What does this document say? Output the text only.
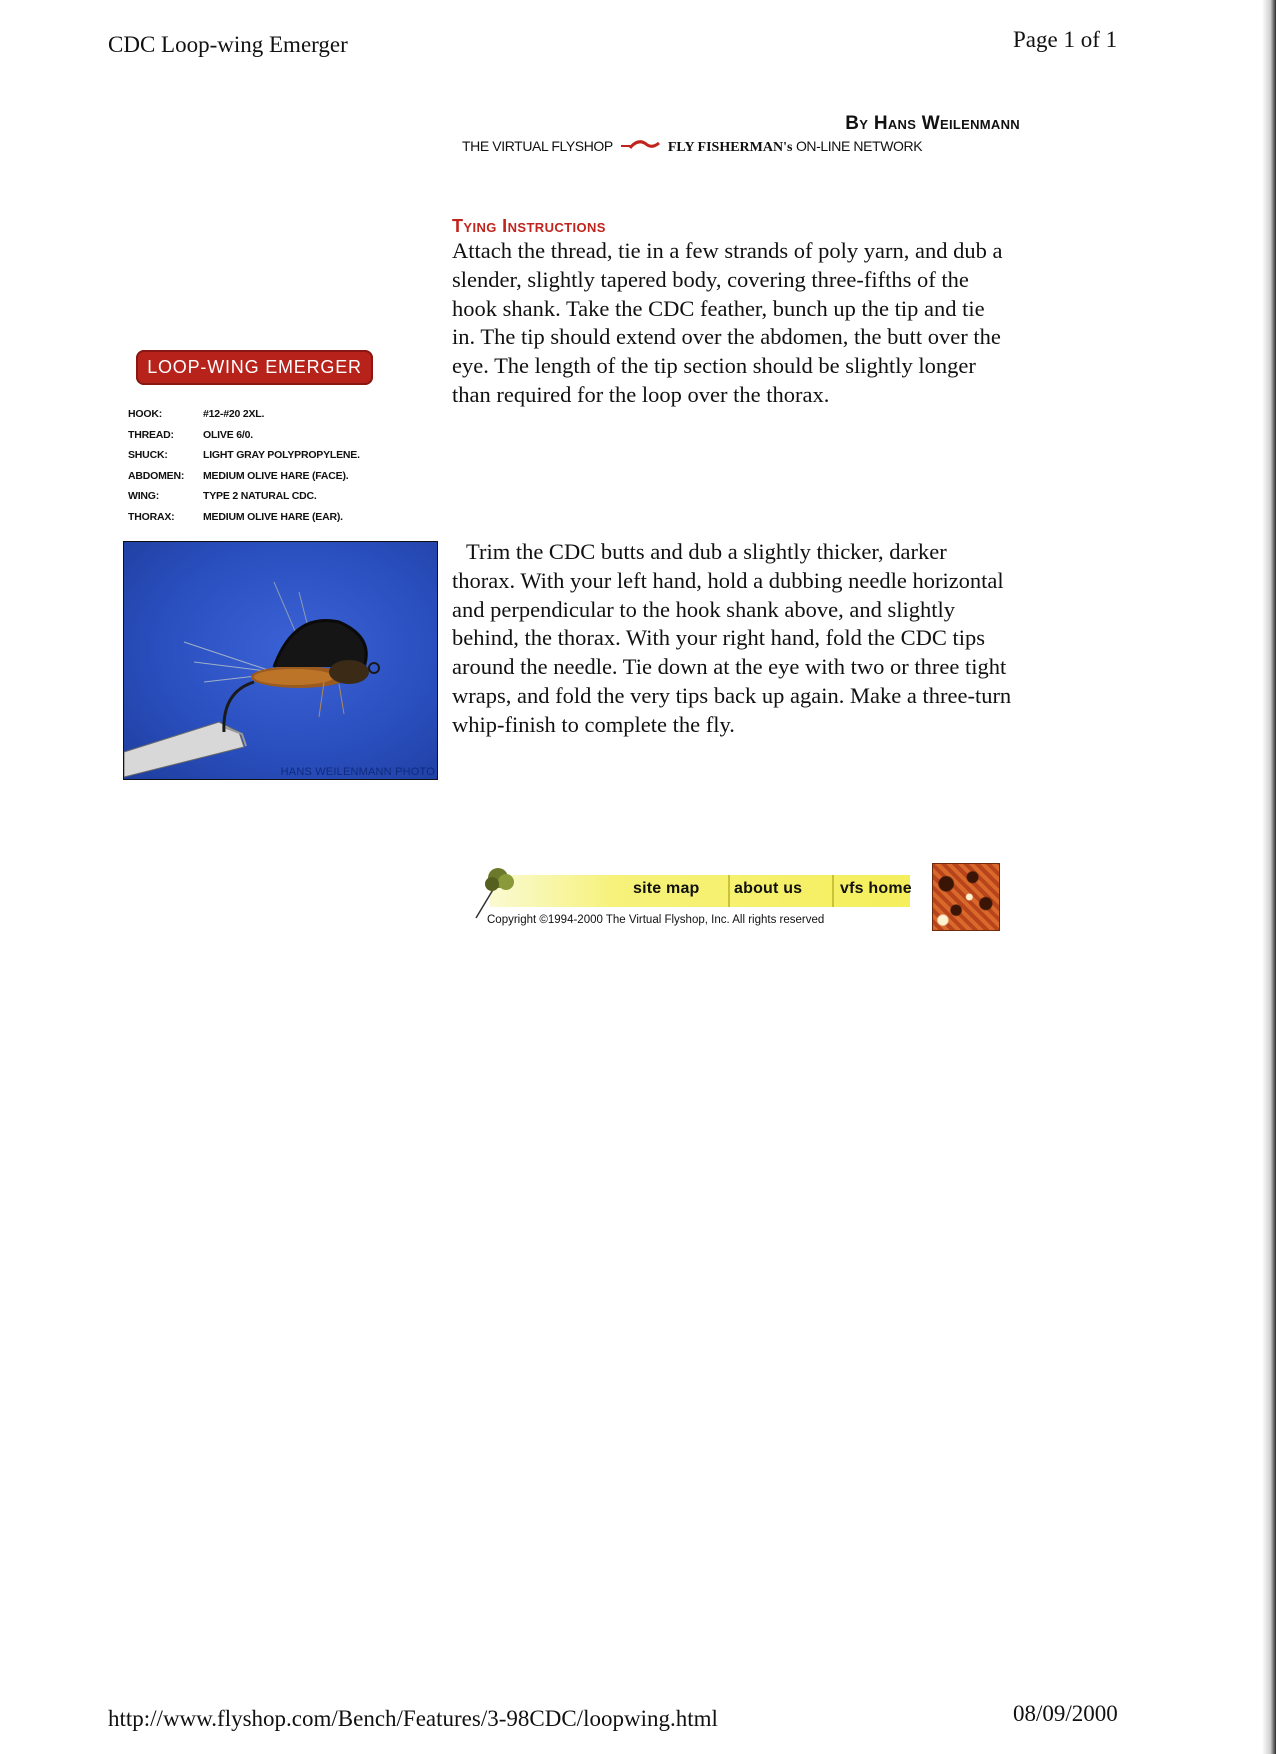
CDC Loop-wing Emerger	Page 1 of 1
By Hans Weilenmann
THE VIRTUAL FLYSHOP	FLY FISHERMAN's ON-LINE NETWORK
Tying Instructions

Attach the thread, tie in a few strands of poly yarn, and dub a slender, slightly tapered body, covering three-fifths of the hook shank. Take the CDC feather, bunch up the tip and tie in. The tip should extend over the abdomen, the butt over the eye. The length of the tip section should be slightly longer than required for the loop over the thorax.

Trim the CDC butts and dub a slightly thicker, darker thorax. With your left hand, hold a dubbing needle horizontal and perpendicular to the hook shank above, and slightly behind, the thorax. With your right hand, fold the CDC tips around the needle. Tie down at the eye with two or three tight wraps, and fold the very tips back up again. Make a three-turn whip-finish to complete the fly.

LOOP-WING EMERGER
HOOK:	#12-#20 2XL.
THREAD:	OLIVE 6/0.
SHUCK:	LIGHT GRAY POLYPROPYLENE.
ABDOMEN:	MEDIUM OLIVE HARE (FACE).
WING:	TYPE 2 NATURAL CDC.
THORAX:	MEDIUM OLIVE HARE (EAR).
HANS WEILENMANN PHOTO
site map about us vfs home
Copyright ©1994-2000 The Virtual Flyshop, Inc. All rights reserved
http://www.flyshop.com/Bench/Features/3-98CDC/loopwing.html	08/09/2000
